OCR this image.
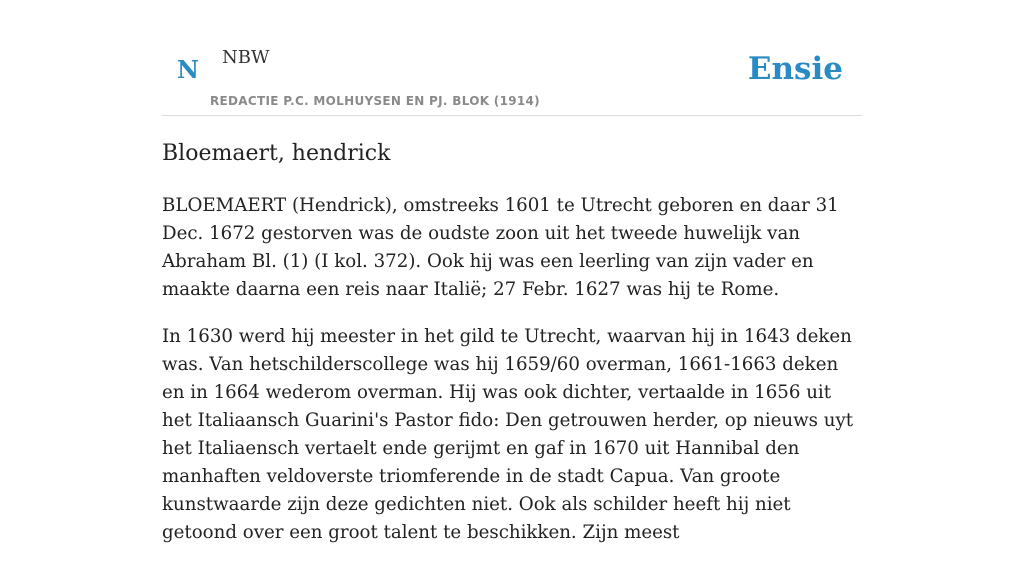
N NBW
REDACTIE P.C. MOLHUYSEN EN PJ. BLOK (1914)
Ensie
Bloemaert, hendrick

BLOEMAERT (Hendrick), omstreeks 1601 te Utrecht geboren en daar 31 Dec. 1672 gestorven was de oudste zoon uit het tweede huwelijk van Abraham Bl. (1) (I kol. 372). Ook hij was een leerling van zijn vader en maakte daarna een reis naar Italië; 27 Febr. 1627 was hij te Rome.

In 1630 werd hij meester in het gild te Utrecht, waarvan hij in 1643 deken was. Van hetschilderscollege was hij 1659/60 overman, 1661-1663 deken en in 1664 wederom overman. Hij was ook dichter, vertaalde in 1656 uit het Italiaansch Guarini's Pastor fido: Den getrouwen herder, op nieuws uyt het Italiaensch vertaelt ende gerijmt en gaf in 1670 uit Hannibal den manhaften veldoverste triomferende in de stadt Capua. Van groote kunstwaarde zijn deze gedichten niet. Ook als schilder heeft hij niet getoond over een groot talent te beschikken. Zijn meest
